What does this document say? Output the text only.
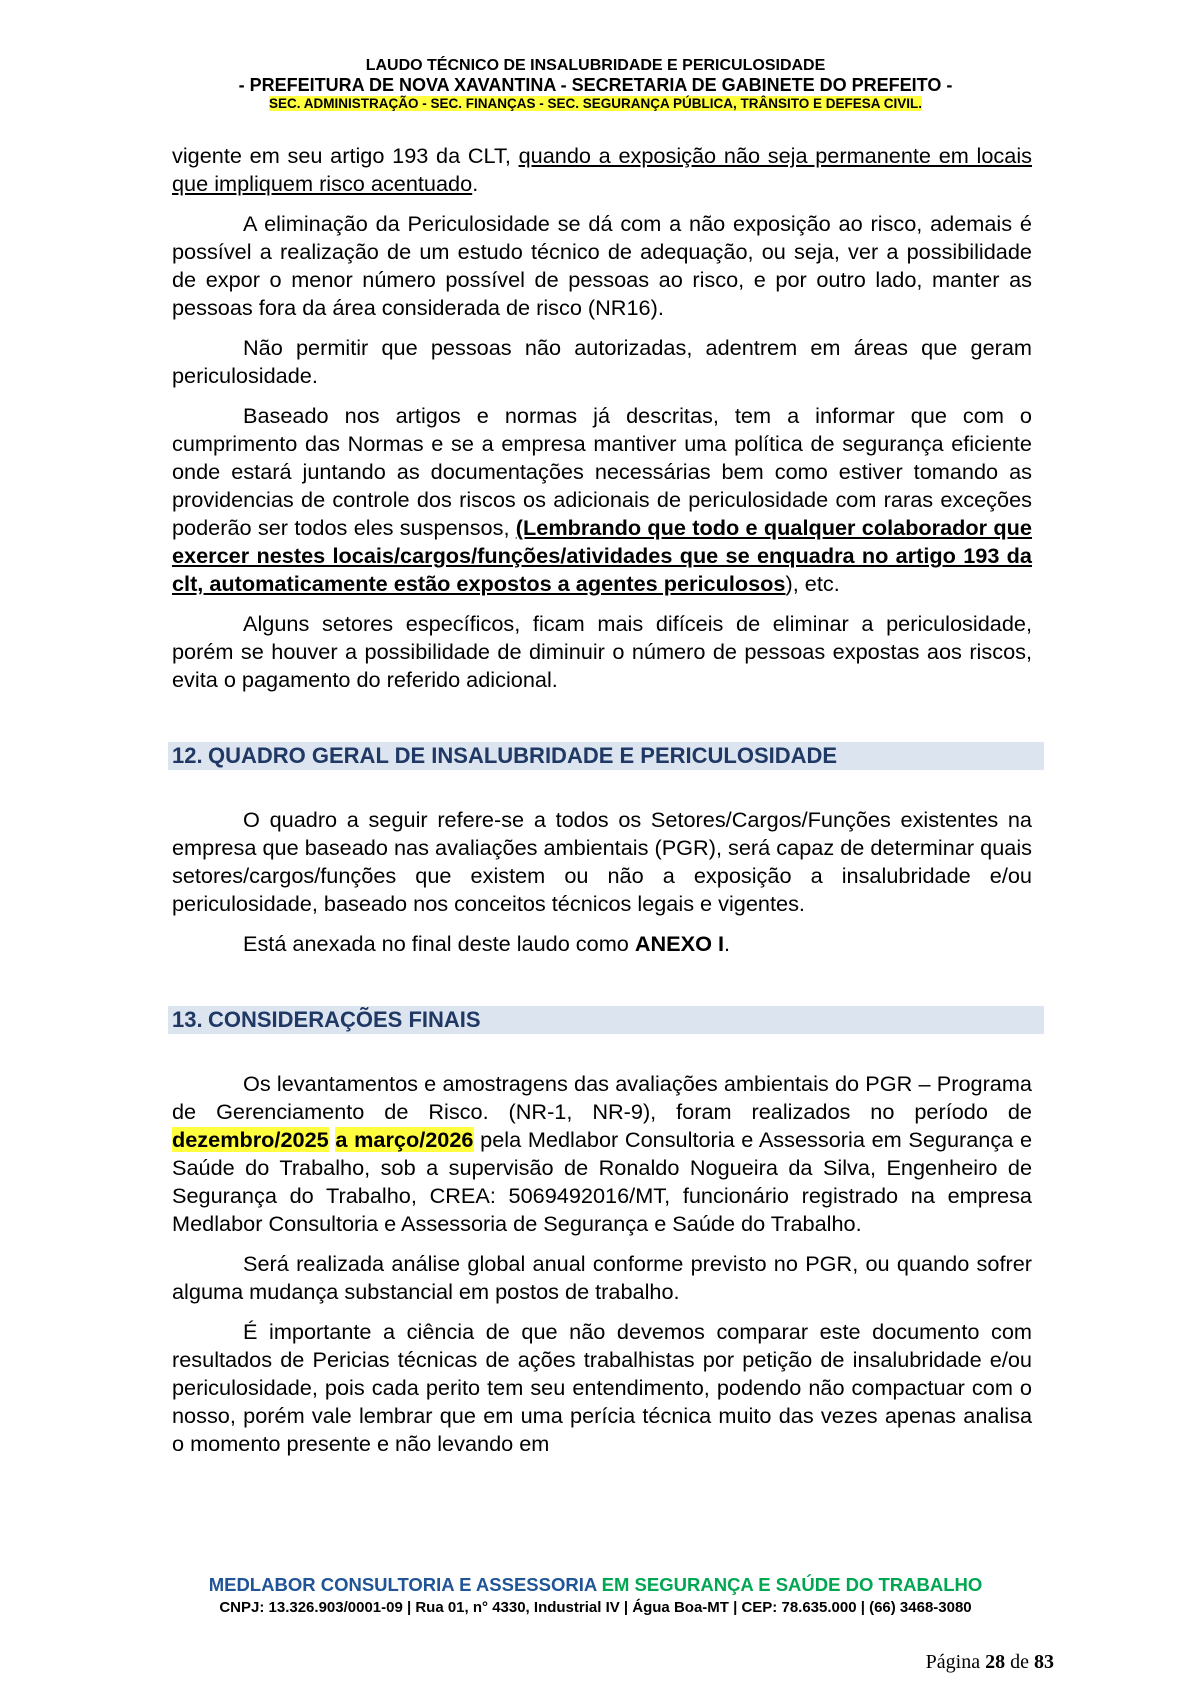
LAUDO TÉCNICO DE INSALUBRIDADE E PERICULOSIDADE
- PREFEITURA DE NOVA XAVANTINA - SECRETARIA DE GABINETE DO PREFEITO -
SEC. ADMINISTRAÇÃO - SEC. FINANÇAS - SEC. SEGURANÇA PÚBLICA, TRÂNSITO E DEFESA CIVIL.

vigente em seu artigo 193 da CLT, quando a exposição não seja permanente em locais que impliquem risco acentuado.

A eliminação da Periculosidade se dá com a não exposição ao risco, ademais é possível a realização de um estudo técnico de adequação, ou seja, ver a possibilidade de expor o menor número possível de pessoas ao risco, e por outro lado, manter as pessoas fora da área considerada de risco (NR16).

Não permitir que pessoas não autorizadas, adentrem em áreas que geram periculosidade.

Baseado nos artigos e normas já descritas, tem a informar que com o cumprimento das Normas e se a empresa mantiver uma política de segurança eficiente onde estará juntando as documentações necessárias bem como estiver tomando as providencias de controle dos riscos os adicionais de periculosidade com raras exceções poderão ser todos eles suspensos, (Lembrando que todo e qualquer colaborador que exercer nestes locais/cargos/funções/atividades que se enquadra no artigo 193 da clt, automaticamente estão expostos a agentes periculosos), etc.

Alguns setores específicos, ficam mais difíceis de eliminar a periculosidade, porém se houver a possibilidade de diminuir o número de pessoas expostas aos riscos, evita o pagamento do referido adicional.

12. QUADRO GERAL DE INSALUBRIDADE E PERICULOSIDADE

O quadro a seguir refere-se a todos os Setores/Cargos/Funções existentes na empresa que baseado nas avaliações ambientais (PGR), será capaz de determinar quais setores/cargos/funções que existem ou não a exposição a insalubridade e/ou periculosidade, baseado nos conceitos técnicos legais e vigentes.

Está anexada no final deste laudo como ANEXO I.

13. CONSIDERAÇÕES FINAIS

Os levantamentos e amostragens das avaliações ambientais do PGR – Programa de Gerenciamento de Risco. (NR-1, NR-9), foram realizados no período de dezembro/2025 a março/2026 pela Medlabor Consultoria e Assessoria em Segurança e Saúde do Trabalho, sob a supervisão de Ronaldo Nogueira da Silva, Engenheiro de Segurança do Trabalho, CREA: 5069492016/MT, funcionário registrado na empresa Medlabor Consultoria e Assessoria de Segurança e Saúde do Trabalho.

Será realizada análise global anual conforme previsto no PGR, ou quando sofrer alguma mudança substancial em postos de trabalho.

É importante a ciência de que não devemos comparar este documento com resultados de Pericias técnicas de ações trabalhistas por petição de insalubridade e/ou periculosidade, pois cada perito tem seu entendimento, podendo não compactuar com o nosso, porém vale lembrar que em uma perícia técnica muito das vezes apenas analisa o momento presente e não levando em

MEDLABOR CONSULTORIA E ASSESSORIA EM SEGURANÇA E SAÚDE DO TRABALHO
CNPJ: 13.326.903/0001-09 | Rua 01, n° 4330, Industrial IV | Água Boa-MT | CEP: 78.635.000 | (66) 3468-3080
Página 28 de 83
